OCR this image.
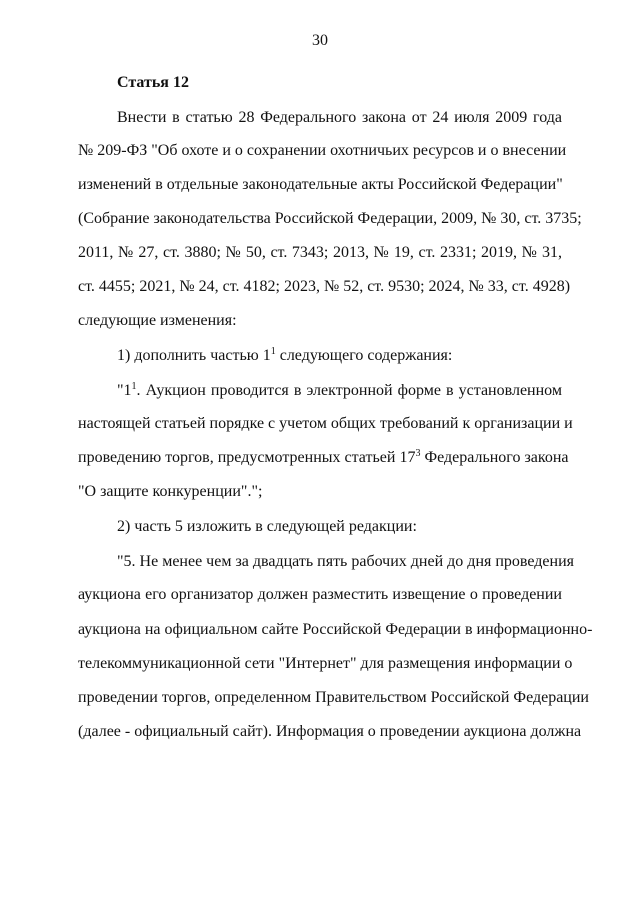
30
Статья 12
Внести в статью 28 Федерального закона от 24 июля 2009 года
№ 209-ФЗ "Об охоте и о сохранении охотничьих ресурсов и о внесении
изменений в отдельные законодательные акты Российской Федерации"
(Собрание законодательства Российской Федерации, 2009, № 30, ст. 3735;
2011, № 27, ст. 3880; № 50, ст. 7343; 2013, № 19, ст. 2331; 2019, № 31,
ст. 4455; 2021, № 24, ст. 4182; 2023, № 52, ст. 9530; 2024, № 33, ст. 4928)
следующие изменения:
1) дополнить частью $1^1$ следующего содержания:
"$1^1$. Аукцион проводится в электронной форме в установленном
настоящей статьей порядке с учетом общих требований к организации и
проведению торгов, предусмотренных статьей $17^3$ Федерального закона
"О защите конкуренции".";
2) часть 5 изложить в следующей редакции:
"5. Не менее чем за двадцать пять рабочих дней до дня проведения
аукциона его организатор должен разместить извещение о проведении
аукциона на официальном сайте Российской Федерации в информационно-
телекоммуникационной сети "Интернет" для размещения информации о
проведении торгов, определенном Правительством Российской Федерации
(далее - официальный сайт). Информация о проведении аукциона должна
